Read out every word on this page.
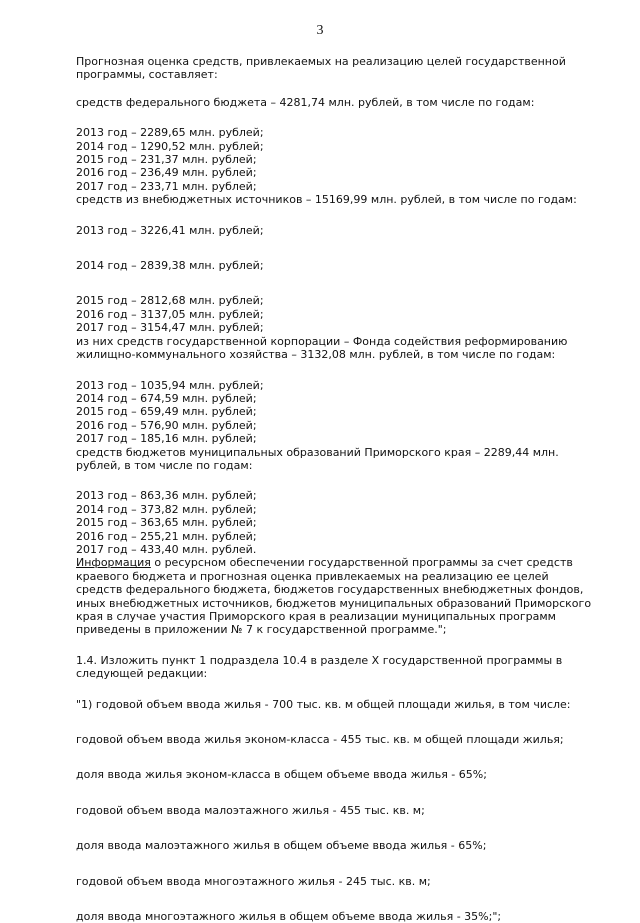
3

Прогнозная оценка средств, привлекаемых на реализацию целей государственной программы, составляет:

средств федерального бюджета – 4281,74 млн. рублей, в том числе по годам:

2013 год – 2289,65 млн. рублей;
2014 год – 1290,52 млн. рублей;
2015 год – 231,37 млн. рублей;
2016 год – 236,49 млн. рублей;
2017 год – 233,71 млн. рублей;

средств из внебюджетных источников – 15169,99 млн. рублей, в том числе по годам:

2013 год – 3226,41 млн. рублей;
2014 год – 2839,38 млн. рублей;
2015 год – 2812,68 млн. рублей;
2016 год – 3137,05 млн. рублей;
2017 год – 3154,47 млн. рублей;

из них средств государственной корпорации – Фонда содействия реформированию жилищно-коммунального хозяйства – 3132,08 млн. рублей, в том числе по годам:

2013 год – 1035,94 млн. рублей;
2014 год – 674,59 млн. рублей;
2015 год – 659,49 млн. рублей;
2016 год – 576,90 млн. рублей;
2017 год – 185,16 млн. рублей;

средств бюджетов муниципальных образований Приморского края – 2289,44 млн. рублей, в том числе по годам:

2013 год – 863,36 млн. рублей;
2014 год – 373,82 млн. рублей;
2015 год – 363,65 млн. рублей;
2016 год – 255,21 млн. рублей;
2017 год – 433,40 млн. рублей.

Информация о ресурсном обеспечении государственной программы за счет средств краевого бюджета и прогнозная оценка привлекаемых на реализацию ее целей средств федерального бюджета, бюджетов государственных внебюджетных фондов, иных внебюджетных источников, бюджетов муниципальных образований Приморского края в случае участия Приморского края в реализации муниципальных программ приведены в приложении № 7 к государственной программе.";

1.4. Изложить пункт 1 подраздела 10.4 в разделе X государственной программы в следующей редакции:

"1) годовой объем ввода жилья - 700 тыс. кв. м общей площади жилья, в том числе:

годовой объем ввода жилья эконом-класса - 455 тыс. кв. м общей площади жилья;

доля ввода жилья эконом-класса в общем объеме ввода жилья - 65%;

годовой объем ввода малоэтажного жилья - 455 тыс. кв. м;

доля ввода малоэтажного жилья в общем объеме ввода жилья - 65%;

годовой объем ввода многоэтажного жилья - 245 тыс. кв. м;

доля ввода многоэтажного жилья в общем объеме ввода жилья - 35%;";
